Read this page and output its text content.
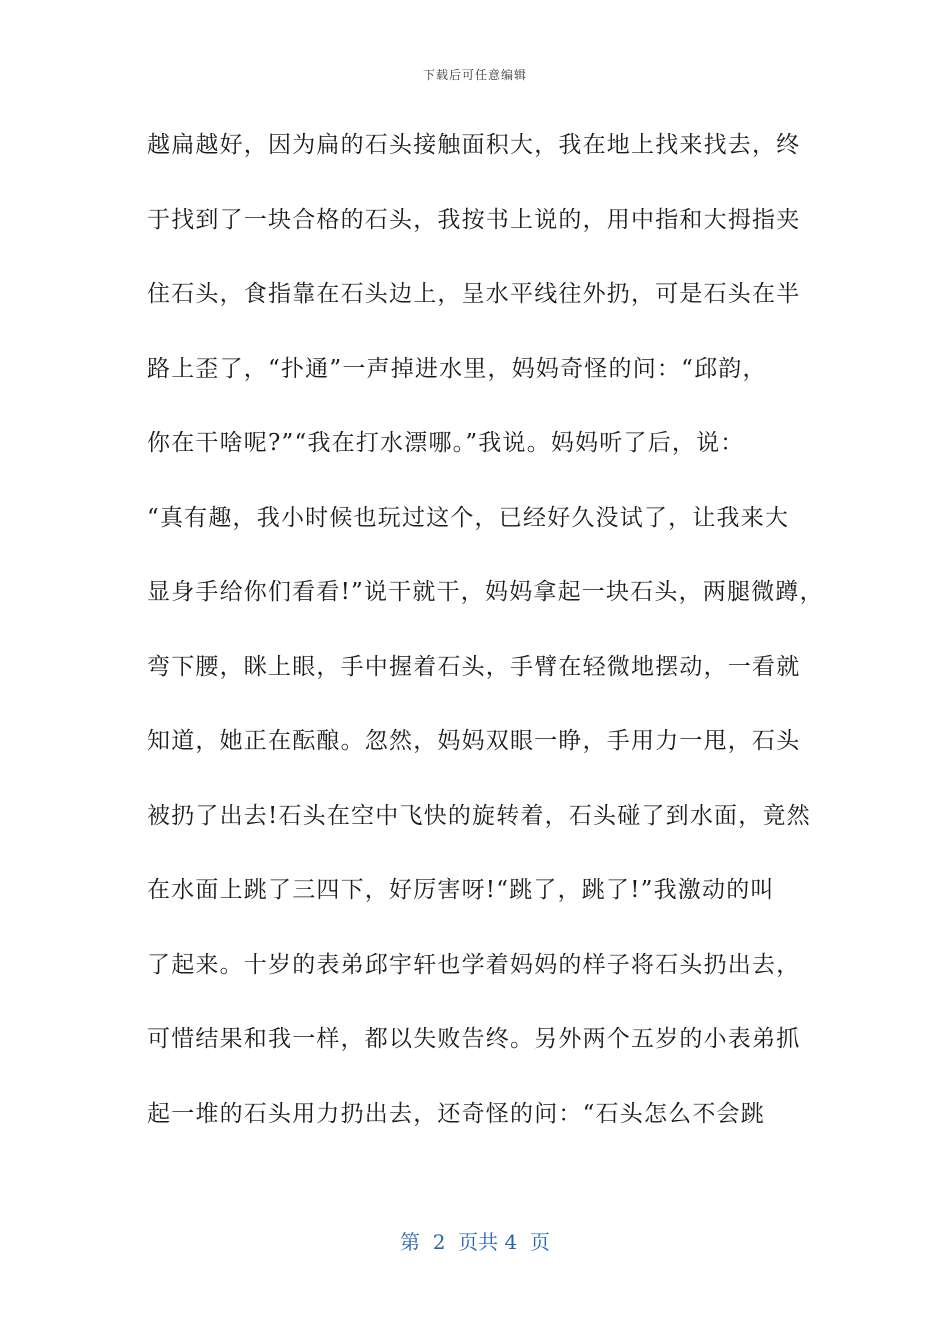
下载后可任意编辑
越扁越好，因为扁的石头接触面积大，我在地上找来找去，终
于找到了一块合格的石头，我按书上说的，用中指和大拇指夹
住石头，食指靠在石头边上，呈水平线往外扔，可是石头在半
路上歪了，“扑通”一声掉进水里，妈妈奇怪的问：“邱韵，
你在干啥呢?”“我在打水漂哪。”我说。妈妈听了后，说：
“真有趣，我小时候也玩过这个，已经好久没试了，让我来大
显身手给你们看看!”说干就干，妈妈拿起一块石头，两腿微蹲，
弯下腰，眯上眼，手中握着石头，手臂在轻微地摆动，一看就
知道，她正在酝酿。忽然，妈妈双眼一睁，手用力一甩，石头
被扔了出去!石头在空中飞快的旋转着，石头碰了到水面，竟然
在水面上跳了三四下，好厉害呀!“跳了，跳了!”我激动的叫
了起来。十岁的表弟邱宇轩也学着妈妈的样子将石头扔出去，
可惜结果和我一样，都以失败告终。另外两个五岁的小表弟抓
起一堆的石头用力扔出去，还奇怪的问：“石头怎么不会跳
第  2  页共 4  页
